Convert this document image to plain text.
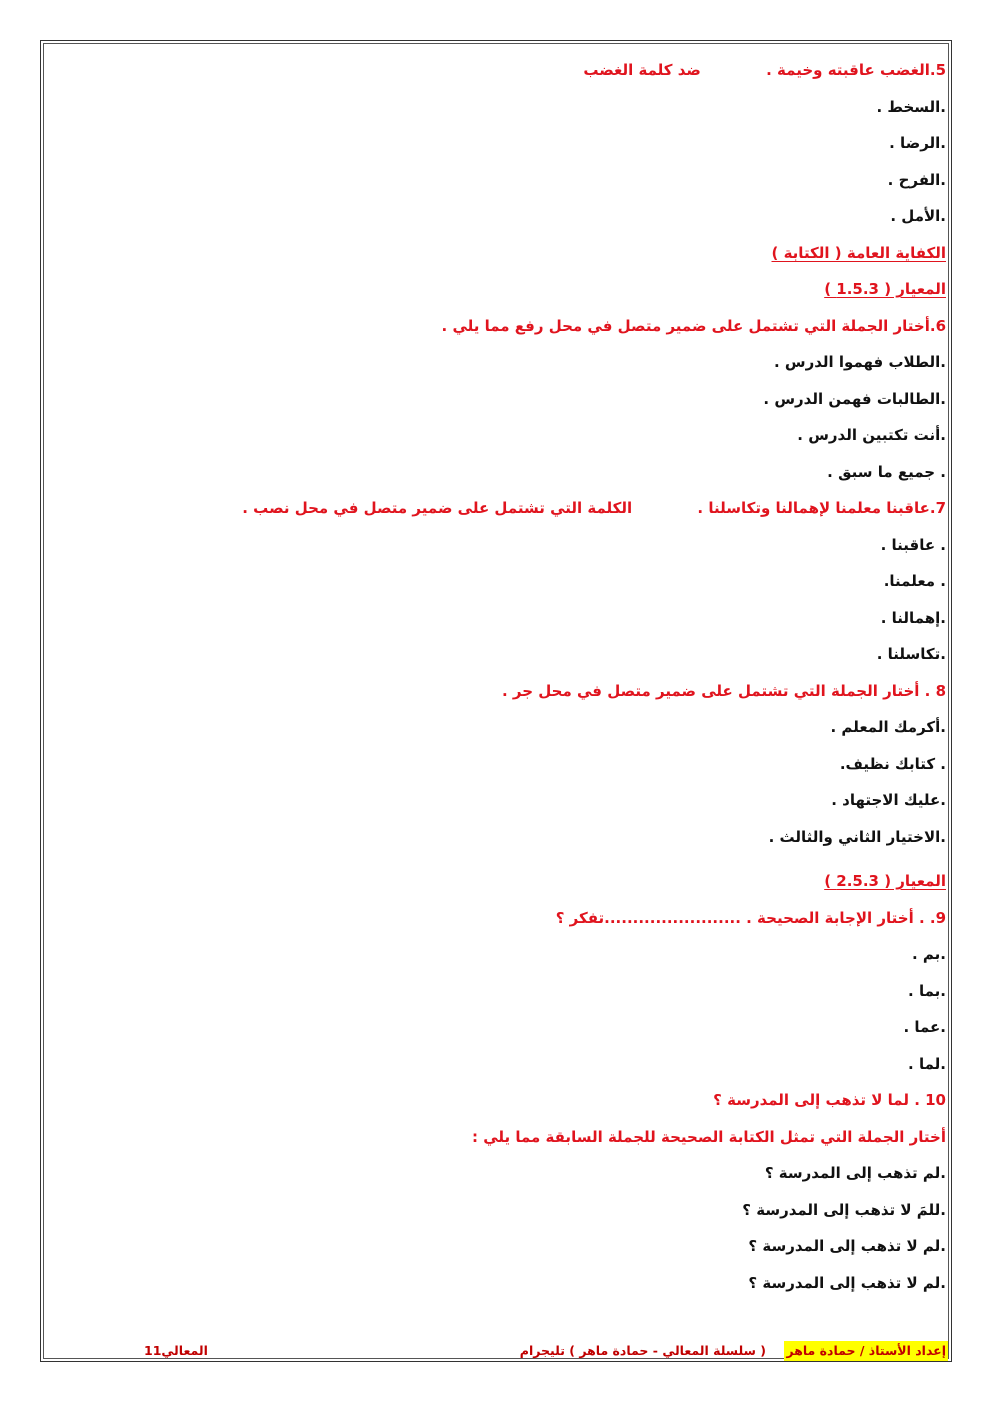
5.الغضب عاقبته وخيمة . ضد كلمة الغضب
.السخط .
.الرضا .
.الفرح .
.الأمل .
الكفاية العامة ( الكتابة )
المعيار ( 1.5.3 )
6.أختار الجملة التي تشتمل على ضمير متصل في محل رفع مما يلي .
.الطلاب فهموا الدرس .
.الطالبات فهمن الدرس .
.أنت تكتبين الدرس .
. جميع ما سبق .
7.عاقبنا معلمنا لإهمالنا وتكاسلنا . الكلمة التي تشتمل على ضمير متصل في محل نصب .
. عاقبنا .
. معلمنا.
.إهمالنا .
.تكاسلنا .
8 . أختار الجملة التي تشتمل على ضمير متصل في محل جر .
.أكرمك المعلم .
. كتابك نظيف.
.عليك الاجتهاد .
.الاختيار الثاني والثالث .
المعيار ( 2.5.3 )
9. . أختار الإجابة الصحيحة . ........................تفكر ؟
.بم .
.بما .
.عما .
.لما .
10 . لما لا تذهب إلى المدرسة ؟
أختار الجملة التي تمثل الكتابة الصحيحة للجملة السابقة مما يلي :
.لم تذهب إلى المدرسة ؟
.للمَ لا تذهب إلى المدرسة ؟
.لم لا تذهب إلى المدرسة ؟
.لم لا تذهب إلى المدرسة ؟
إعداد الأستاذ / حمادة ماهر
( سلسلة المعالي - حمادة ماهر ) تليجرام
المعالي11
